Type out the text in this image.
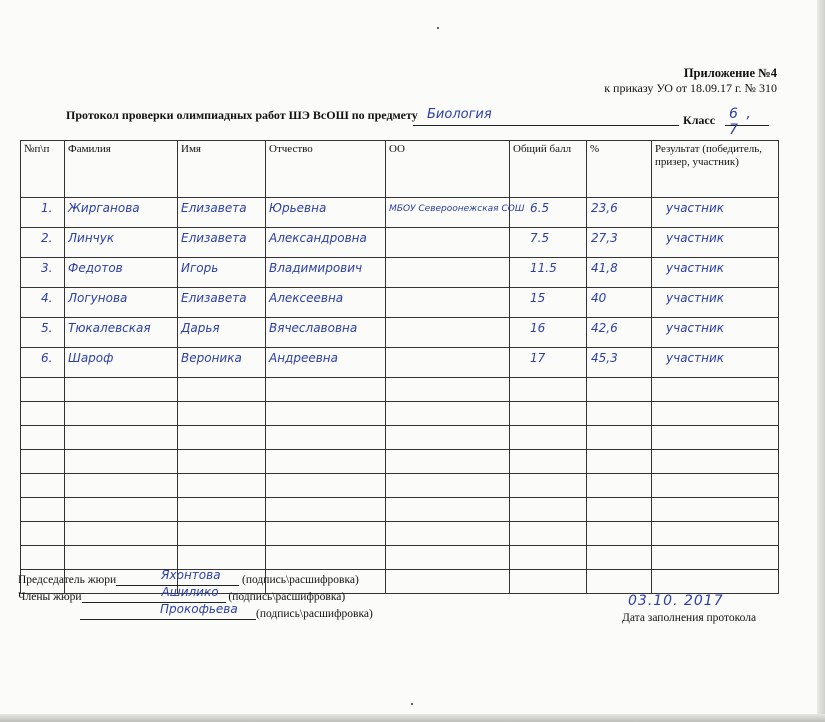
Приложение №4
к приказу УО от 18.09.17 г. № 310
Протокол проверки олимпиадных работ ШЭ ВсОШ по предмету Биология	Класс 6 , 7
№п\п	Фамилия	Имя	Отчество	ОО	Общий балл	%	Результат (победитель, призер, участник)
1.	Жирганова	Елизавета	Юрьевна	МБОУ Североонежская СОШ	6.5	23,6	участник
2.	Линчук	Елизавета	Александровна		7.5	27,3	участник
3.	Федотов	Игорь	Владимирович		11.5	41,8	участник
4.	Логунова	Елизавета	Алексеевна		15	40	участник
5.	Тюкалевская	Дарья	Вячеславовна		16	42,6	участник
6.	Шароф	Вероника	Андреевна		17	45,3	участник

Председатель жюри	Яхонтова (подпись\расшифровка)
Члены жюри	Ашилико (подпись\расшифровка)
Прокофьева (подпись\расшифровка)
03.10. 2017
Дата заполнения протокола
